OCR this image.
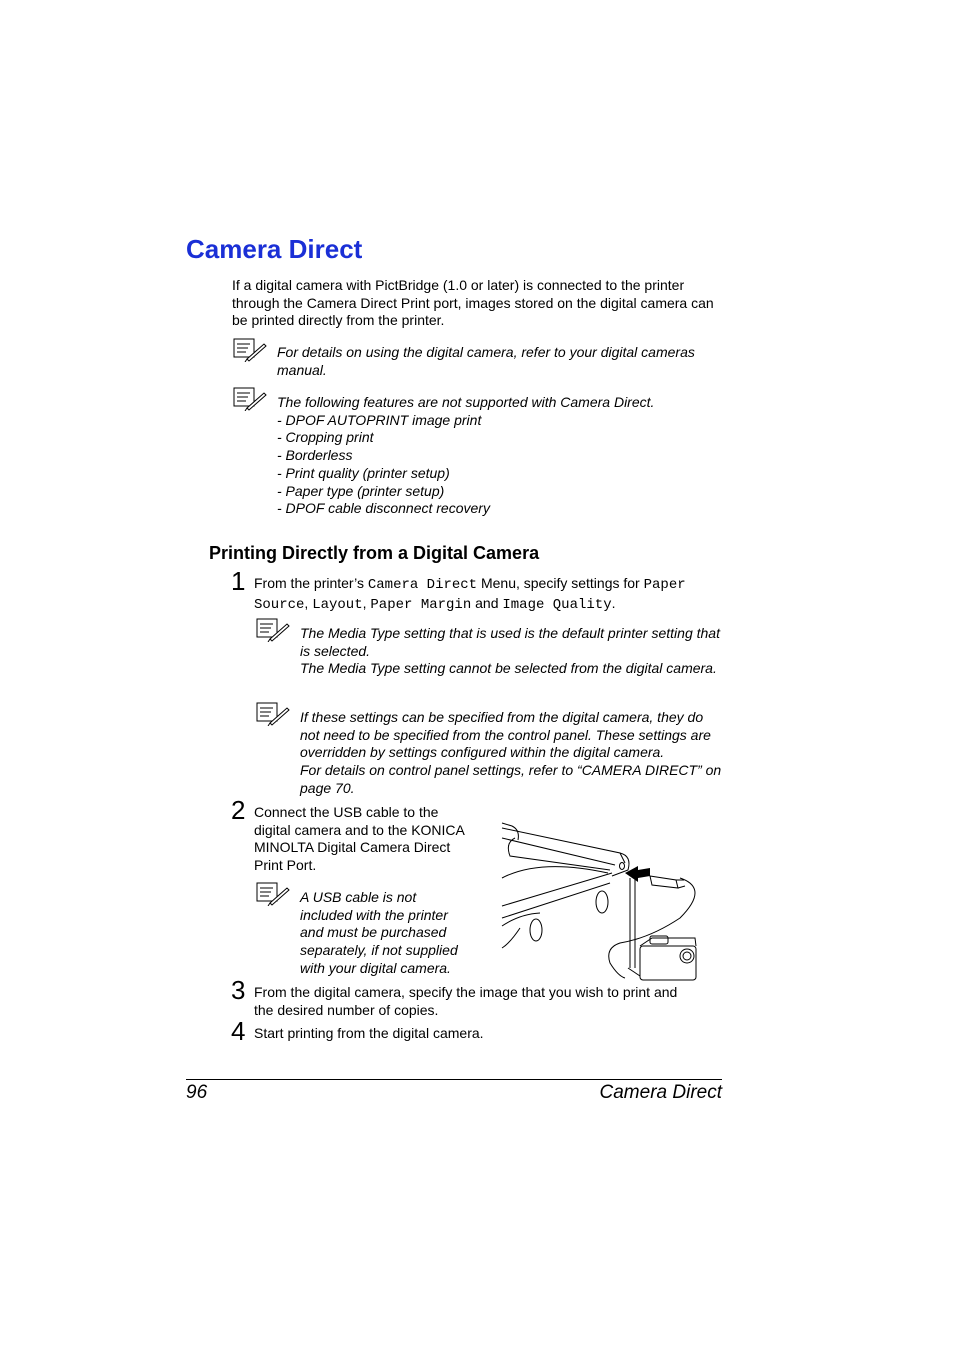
Camera Direct
If a digital camera with PictBridge (1.0 or later) is connected to the printer through the Camera Direct Print port, images stored on the digital camera can be printed directly from the printer.
For details on using the digital camera, refer to your digital cameras manual.

The following features are not supported with Camera Direct.

- DPOF AUTOPRINT image print

- Cropping print

- Borderless

- Print quality (printer setup)

- Paper type (printer setup)

- DPOF cable disconnect recovery

Printing Directly from a Digital Camera
1 From the printer’s Camera Direct Menu, specify settings for Paper Source, Layout, Paper Margin and Image Quality.

The Media Type setting that is used is the default printer setting that is selected.

The Media Type setting cannot be selected from the digital camera.

If these settings can be specified from the digital camera, they do not need to be specified from the control panel. These settings are overridden by settings configured within the digital camera.

For details on control panel settings, refer to “CAMERA DIRECT” on page 70.

2 Connect the USB cable to the digital camera and to the KONICA MINOLTA Digital Camera Direct Print Port.
A USB cable is not included with the printer and must be purchased separately, if not supplied with your digital camera.
3 From the digital camera, specify the image that you wish to print and the desired number of copies.
4 Start printing from the digital camera.
96	Camera Direct
